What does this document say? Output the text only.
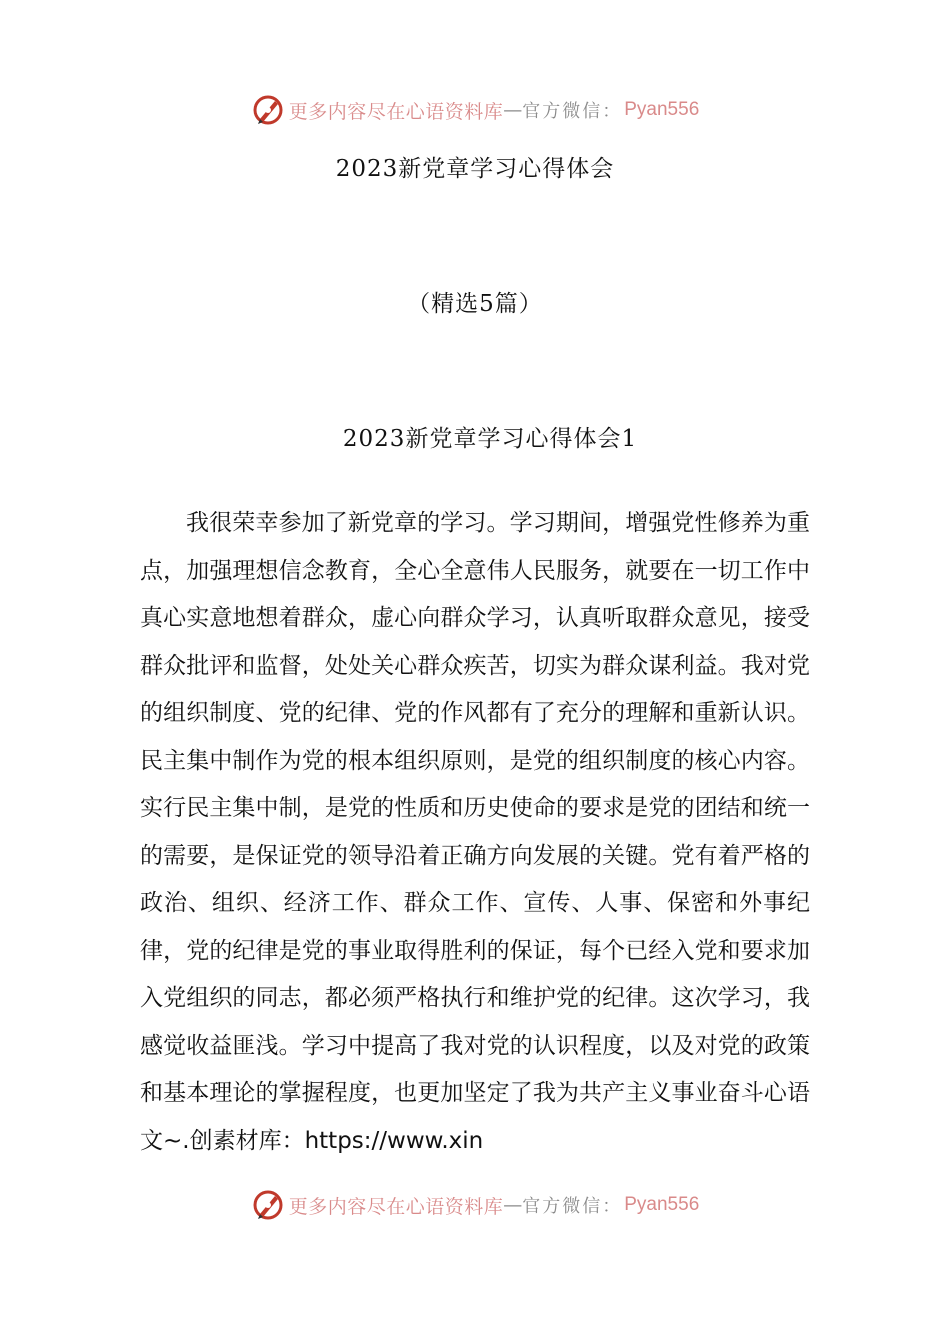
更多内容尽在心语资料库 — 官方微信： Pyan556
2023新党章学习心得体会
（精选5篇）
2023新党章学习心得体会1

我很荣幸参加了新党章的学习。学习期间，增强党性修养为重点，加强理想信念教育，全心全意伟人民服务，就要在一切工作中真心实意地想着群众，虚心向群众学习，认真听取群众意见，接受群众批评和监督，处处关心群众疾苦，切实为群众谋利益。我对党的组织制度、党的纪律、党的作风都有了充分的理解和重新认识。民主集中制作为党的根本组织原则，是党的组织制度的核心内容。实行民主集中制，是党的性质和历史使命的要求是党的团结和统一的需要，是保证党的领导沿着正确方向发展的关键。党有着严格的政治、组织、经济工作、群众工作、宣传、人事、保密和外事纪律，党的纪律是党的事业取得胜利的保证，每个已经入党和要求加入党组织的同志，都必须严格执行和维护党的纪律。这次学习，我感觉收益匪浅。学习中提高了我对党的认识程度，以及对党的政策和基本理论的掌握程度，也更加坚定了我为共产主义事业奋斗心语文~.创素材库：https://www.xin

更多内容尽在心语资料库 — 官方微信： Pyan556
